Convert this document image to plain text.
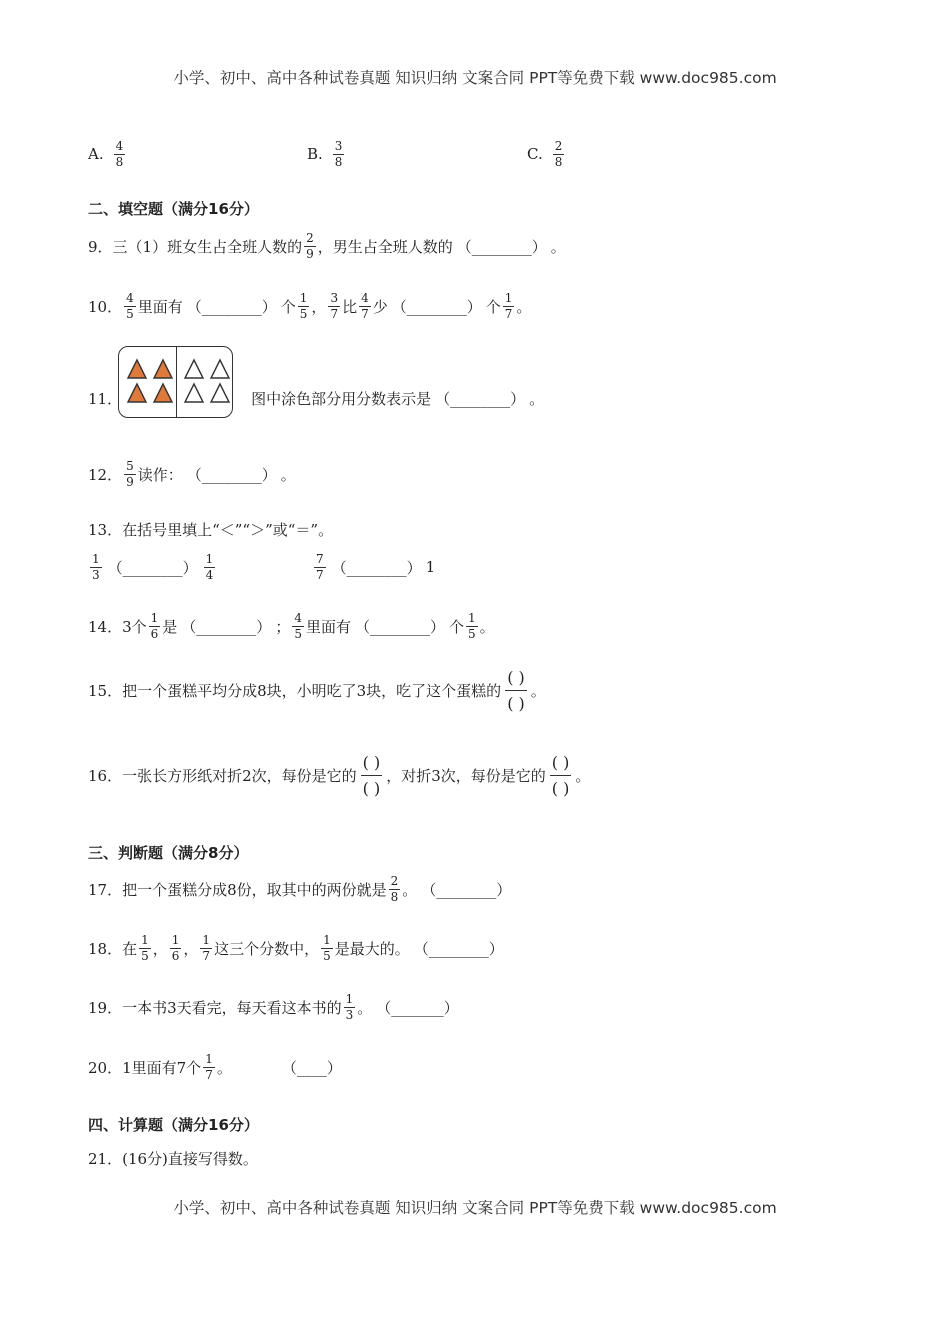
小学、初中、高中各种试卷真题 知识归纳 文案合同 PPT等免费下载 www.doc985.com
A. $\frac{4}{8}$	B. $\frac{3}{8}$	C. $\frac{2}{8}$
二、填空题（满分16分）
9． 三（1）班女生占全班人数的 $\frac{2}{9}$ ，男生占全班人数的 （________） 。
10． $\frac{4}{5}$ 里面有 （________） 个 $\frac{1}{5}$ ， $\frac{3}{7}$ 比 $\frac{4}{7}$ 少 （________） 个 $\frac{1}{7}$ 。
11．	图中涂色部分用分数表示是 （________） 。
12． $\frac{5}{9}$ 读作： （________） 。
13． 在括号里填上“＜”“＞”或“＝”。
$\frac{1}{3}$ （________） $\frac{1}{4}$	$\frac{7}{7}$ （________） 1
14． 3个 $\frac{1}{6}$ 是 （________） ； $\frac{4}{5}$ 里面有 （________） 个 $\frac{1}{5}$ 。
15． 把一个蛋糕平均分成8块，小明吃了3块，吃了这个蛋糕的 $\frac{( )}{( )}$ 。
16． 一张长方形纸对折2次，每份是它的 $\frac{( )}{( )}$ ，对折3次，每份是它的 $\frac{( )}{( )}$ 。
三、判断题（满分8分）
17． 把一个蛋糕分成8份，取其中的两份就是 $\frac{2}{8}$ 。 （________）
18． 在 $\frac{1}{5}$ ， $\frac{1}{6}$ ， $\frac{1}{7}$ 这三个分数中， $\frac{1}{5}$ 是最大的。 （________）
19． 一本书3天看完，每天看这本书的 $\frac{1}{3}$ 。 （_______）
20． 1里面有7个 $\frac{1}{7}$ 。	（____）
四、计算题（满分16分）
21． (16分)直接写得数。
小学、初中、高中各种试卷真题 知识归纳 文案合同 PPT等免费下载 www.doc985.com
